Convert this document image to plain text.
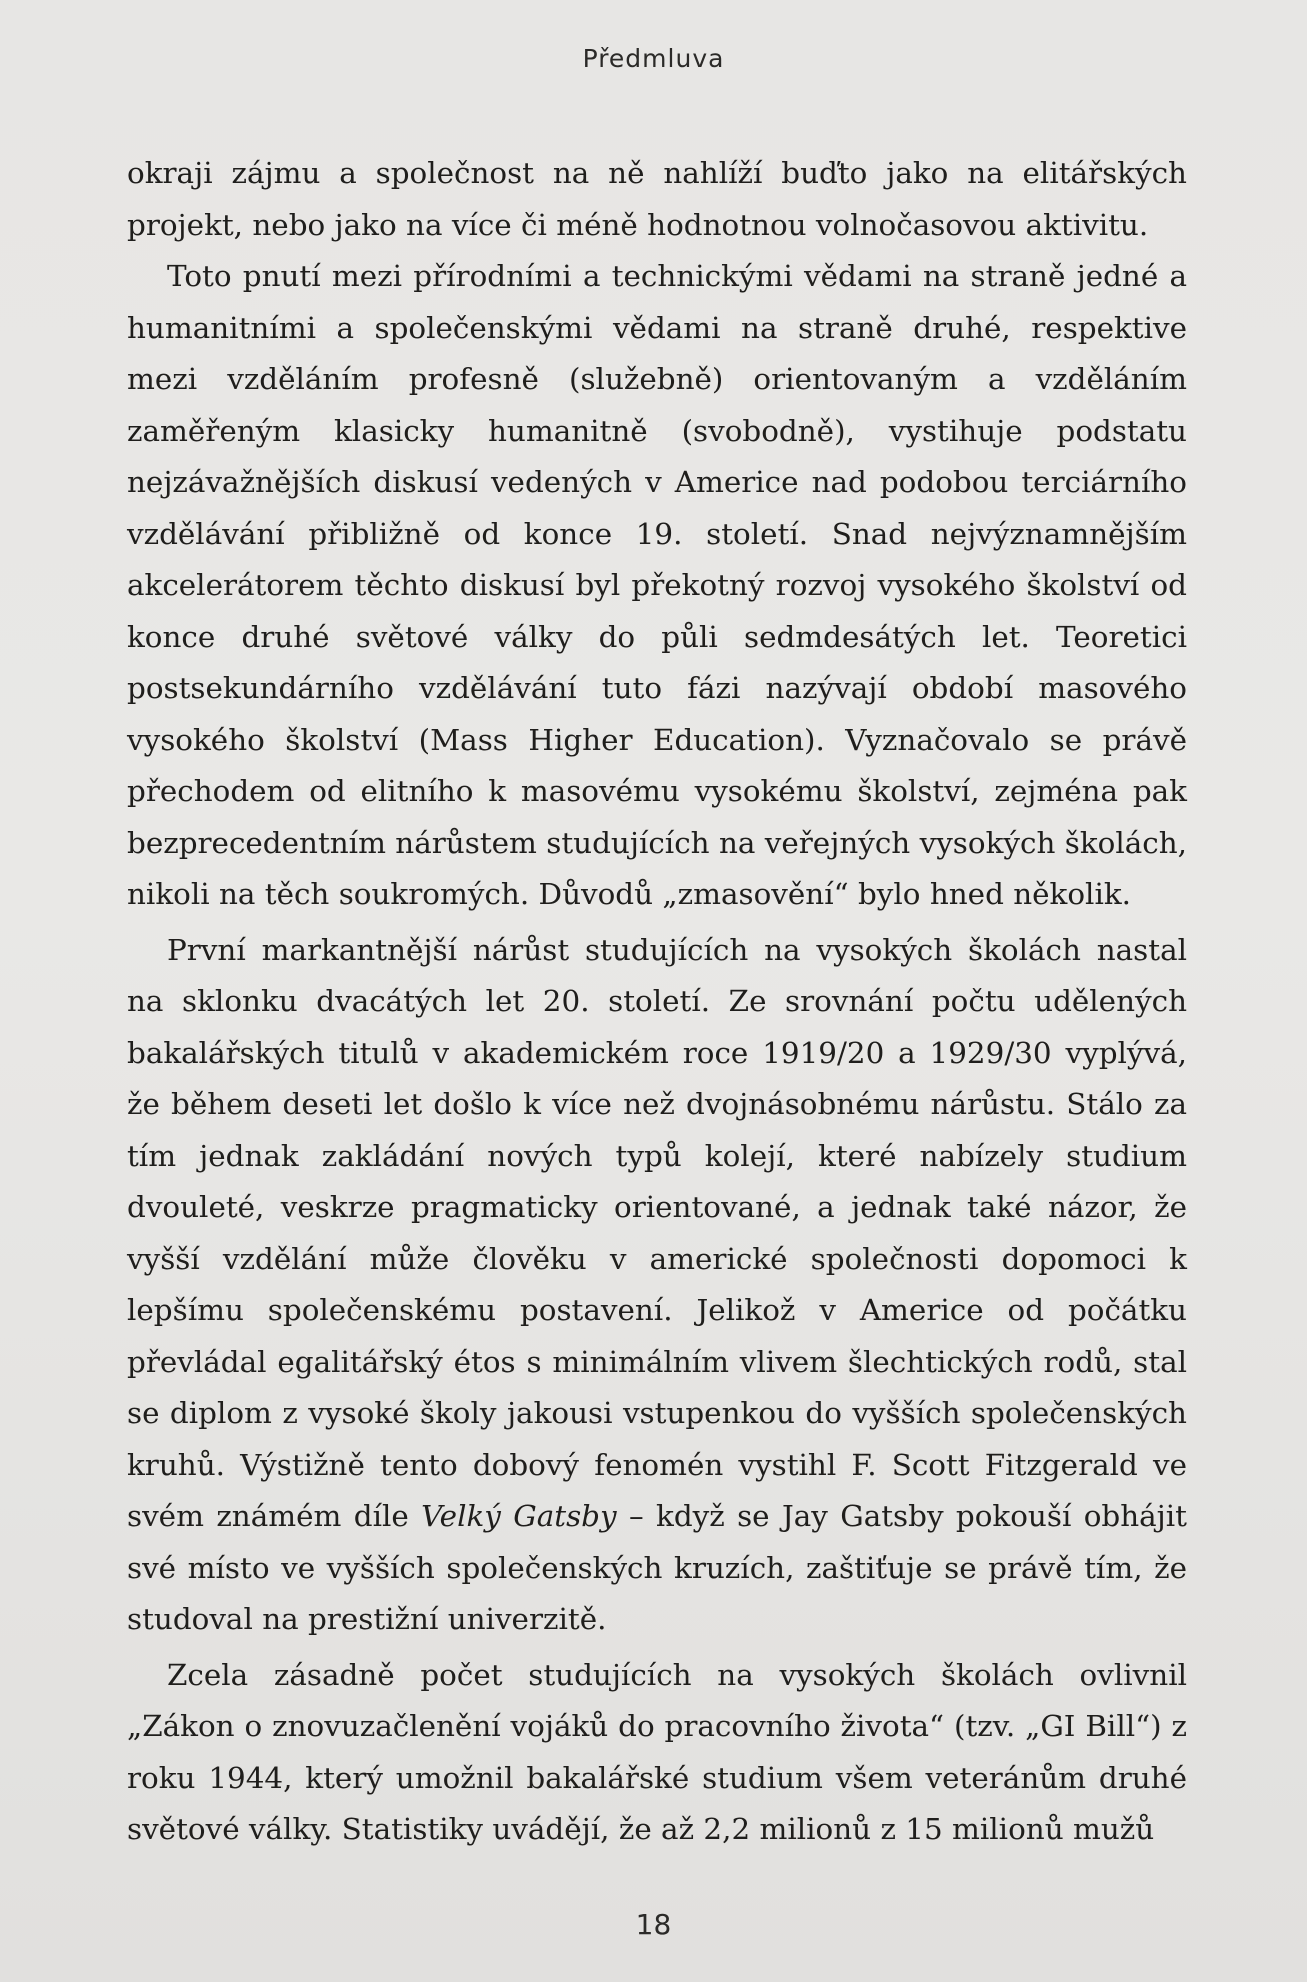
Předmluva

okraji zájmu a společnost na ně nahlíží buďto jako na elitářských projekt, nebo jako na více či méně hodnotnou volnočasovou aktivitu.

Toto pnutí mezi přírodními a technickými vědami na straně jedné a humanitními a společenskými vědami na straně druhé, respektive mezi vzděláním profesně (služebně) orientovaným a vzděláním zaměřeným klasicky humanitně (svobodně), vystihuje podstatu nejzávažnějších diskusí vedených v Americe nad podobou terciárního vzdělávání přibližně od konce 19. století. Snad nejvýznamnějším akcelerátorem těchto diskusí byl překotný rozvoj vysokého školství od konce druhé světové války do půli sedmdesátých let. Teoretici postsekundárního vzdělávání tuto fázi nazývají období masového vysokého školství (Mass Higher Education). Vyznačovalo se právě přechodem od elitního k masovému vysokému školství, zejména pak bezprecedentním nárůstem studujících na veřejných vysokých školách, nikoli na těch soukromých. Důvodů „zmasovění“ bylo hned několik.

První markantnější nárůst studujících na vysokých školách nastal na sklonku dvacátých let 20. století. Ze srovnání počtu udělených bakalářských titulů v akademickém roce 1919/20 a 1929/30 vyplývá, že během deseti let došlo k více než dvojnásobnému nárůstu. Stálo za tím jednak zakládání nových typů kolejí, které nabízely studium dvouleté, veskrze pragmaticky orientované, a jednak také názor, že vyšší vzdělání může člověku v americké společnosti dopomoci k lepšímu společenskému postavení. Jelikož v Americe od počátku převládal egalitářský étos s minimálním vlivem šlechtických rodů, stal se diplom z vysoké školy jakousi vstupenkou do vyšších společenských kruhů. Výstižně tento dobový fenomén vystihl F. Scott Fitzgerald ve svém známém díle Velký Gatsby – když se Jay Gatsby pokouší obhájit své místo ve vyšších společenských kruzích, zaštiťuje se právě tím, že studoval na prestižní univerzitě.

Zcela zásadně počet studujících na vysokých školách ovlivnil „Zákon o znovuzačlenění vojáků do pracovního života“ (tzv. „GI Bill“) z roku 1944, který umožnil bakalářské studium všem veteránům druhé světové války. Statistiky uvádějí, že až 2,2 milionů z 15 milionů mužů

18
